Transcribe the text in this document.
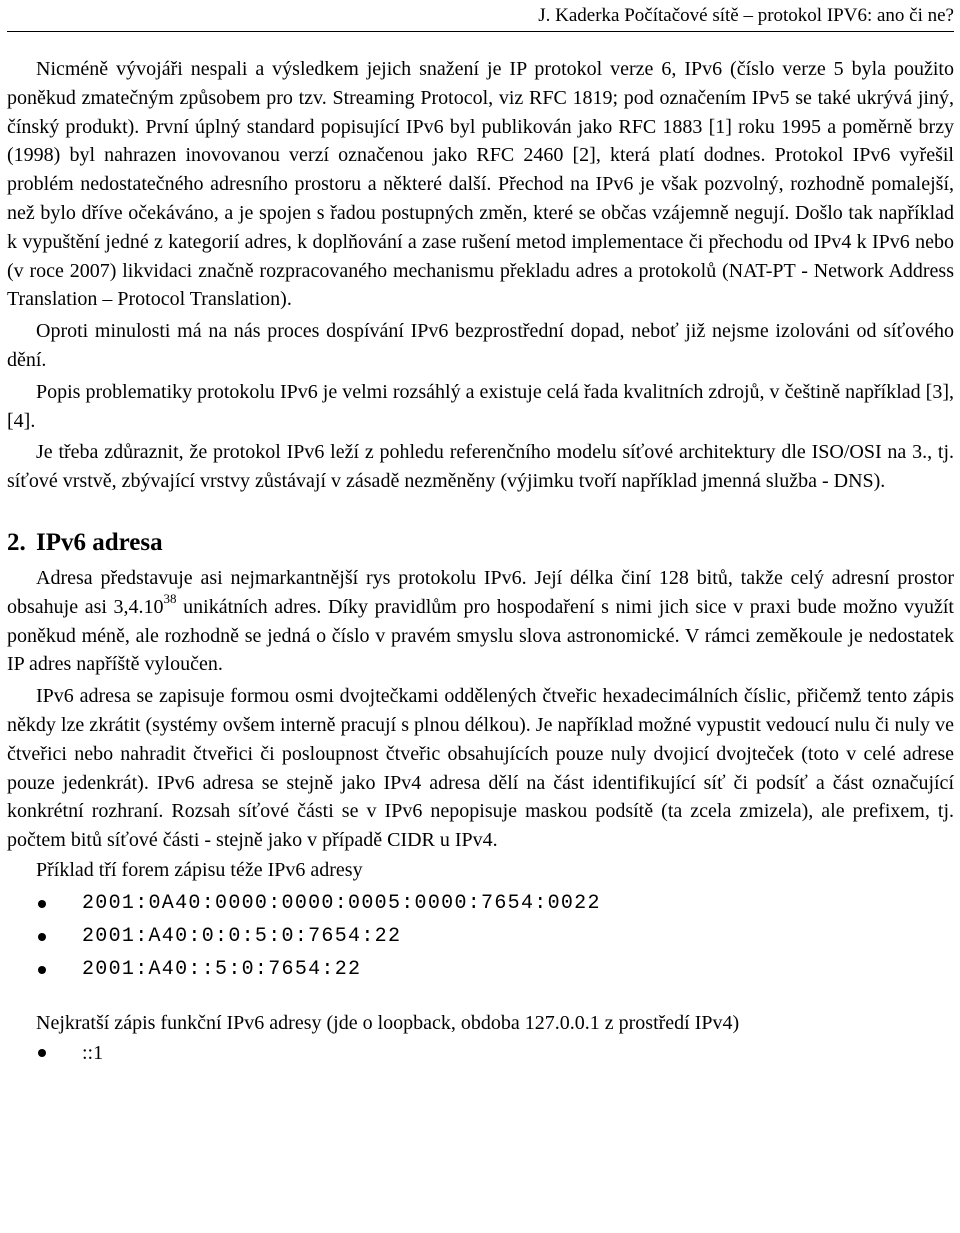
J. Kaderka Počítačové sítě – protokol IPV6: ano či ne?

Nicméně vývojáři nespali a výsledkem jejich snažení je IP protokol verze 6, IPv6 (číslo verze 5 byla použito poněkud zmatečným způsobem pro tzv. Streaming Protocol, viz RFC 1819; pod označením IPv5 se také ukrývá jiný, čínský produkt). První úplný standard popisující IPv6 byl publikován jako RFC 1883 [1] roku 1995 a poměrně brzy (1998) byl nahrazen inovovanou verzí označenou jako RFC 2460 [2], která platí dodnes. Protokol IPv6 vyřešil problém nedostatečného adresního prostoru a některé další. Přechod na IPv6 je však pozvolný, rozhodně pomalejší, než bylo dříve očekáváno, a je spojen s řadou postupných změn, které se občas vzájemně negují. Došlo tak například k vypuštění jedné z kategorií adres, k doplňování a zase rušení metod implementace či přechodu od IPv4 k IPv6 nebo (v roce 2007) likvidaci značně rozpracovaného mechanismu překladu adres a protokolů (NAT-PT - Network Address Translation – Protocol Translation).

Oproti minulosti má na nás proces dospívání IPv6 bezprostřední dopad, neboť již nejsme izolováni od síťového dění.

Popis problematiky protokolu IPv6 je velmi rozsáhlý a existuje celá řada kvalitních zdrojů, v češtině například [3], [4].

Je třeba zdůraznit, že protokol IPv6 leží z pohledu referenčního modelu síťové architektury dle ISO/OSI na 3., tj. síťové vrstvě, zbývající vrstvy zůstávají v zásadě nezměněny (výjimku tvoří například jmenná služba - DNS).

2. IPv6 adresa

Adresa představuje asi nejmarkantnější rys protokolu IPv6. Její délka činí 128 bitů, takže celý adresní prostor obsahuje asi 3,4.10$^{38}$ unikátních adres. Díky pravidlům pro hospodaření s nimi jich sice v praxi bude možno využít poněkud méně, ale rozhodně se jedná o číslo v pravém smyslu slova astronomické. V rámci zeměkoule je nedostatek IP adres napříště vyloučen.

IPv6 adresa se zapisuje formou osmi dvojtečkami oddělených čtveřic hexadecimálních číslic, přičemž tento zápis někdy lze zkrátit (systémy ovšem interně pracují s plnou délkou). Je například možné vypustit vedoucí nulu či nuly ve čtveřici nebo nahradit čtveřici či posloupnost čtveřic obsahujících pouze nuly dvojicí dvojteček (toto v celé adrese pouze jedenkrát). IPv6 adresa se stejně jako IPv4 adresa dělí na část identifikující síť či podsíť a část označující konkrétní rozhraní. Rozsah síťové části se v IPv6 nepopisuje maskou podsítě (ta zcela zmizela), ale prefixem, tj. počtem bitů síťové části - stejně jako v případě CIDR u IPv4.

Příklad tří forem zápisu téže IPv6 adresy
2001:0A40:0000:0000:0005:0000:7654:0022
2001:A40:0:0:5:0:7654:22
2001:A40::5:0:7654:22
Nejkratší zápis funkční IPv6 adresy (jde o loopback, obdoba 127.0.0.1 z prostředí IPv4)
::1
